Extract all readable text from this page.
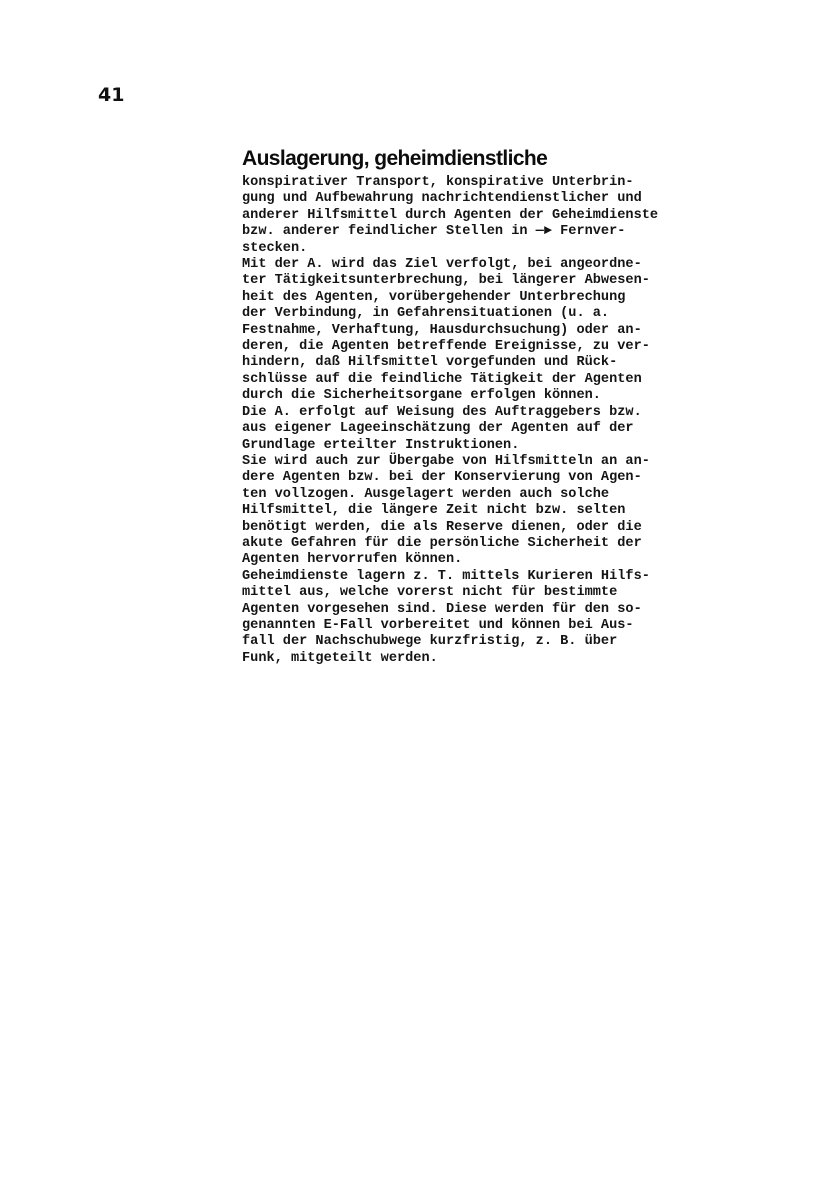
41

Auslagerung, geheimdienstliche
konspirativer Transport, konspirative Unterbrin-
gung und Aufbewahrung nachrichtendienstlicher und
anderer Hilfsmittel durch Agenten der Geheimdienste
bzw. anderer feindlicher Stellen in —► Fernver-
stecken.
Mit der A. wird das Ziel verfolgt, bei angeordne-
ter Tätigkeitsunterbrechung, bei längerer Abwesen-
heit des Agenten, vorübergehender Unterbrechung
der Verbindung, in Gefahrensituationen (u. a.
Festnahme, Verhaftung, Hausdurchsuchung) oder an-
deren, die Agenten betreffende Ereignisse, zu ver-
hindern, daß Hilfsmittel vorgefunden und Rück-
schlüsse auf die feindliche Tätigkeit der Agenten
durch die Sicherheitsorgane erfolgen können.
Die A. erfolgt auf Weisung des Auftraggebers bzw.
aus eigener Lageeinschätzung der Agenten auf der
Grundlage erteilter Instruktionen.
Sie wird auch zur Übergabe von Hilfsmitteln an an-
dere Agenten bzw. bei der Konservierung von Agen-
ten vollzogen. Ausgelagert werden auch solche
Hilfsmittel, die längere Zeit nicht bzw. selten
benötigt werden, die als Reserve dienen, oder die
akute Gefahren für die persönliche Sicherheit der
Agenten hervorrufen können.
Geheimdienste lagern z. T. mittels Kurieren Hilfs-
mittel aus, welche vorerst nicht für bestimmte
Agenten vorgesehen sind. Diese werden für den so-
genannten E-Fall vorbereitet und können bei Aus-
fall der Nachschubwege kurzfristig, z. B. über
Funk, mitgeteilt werden.
